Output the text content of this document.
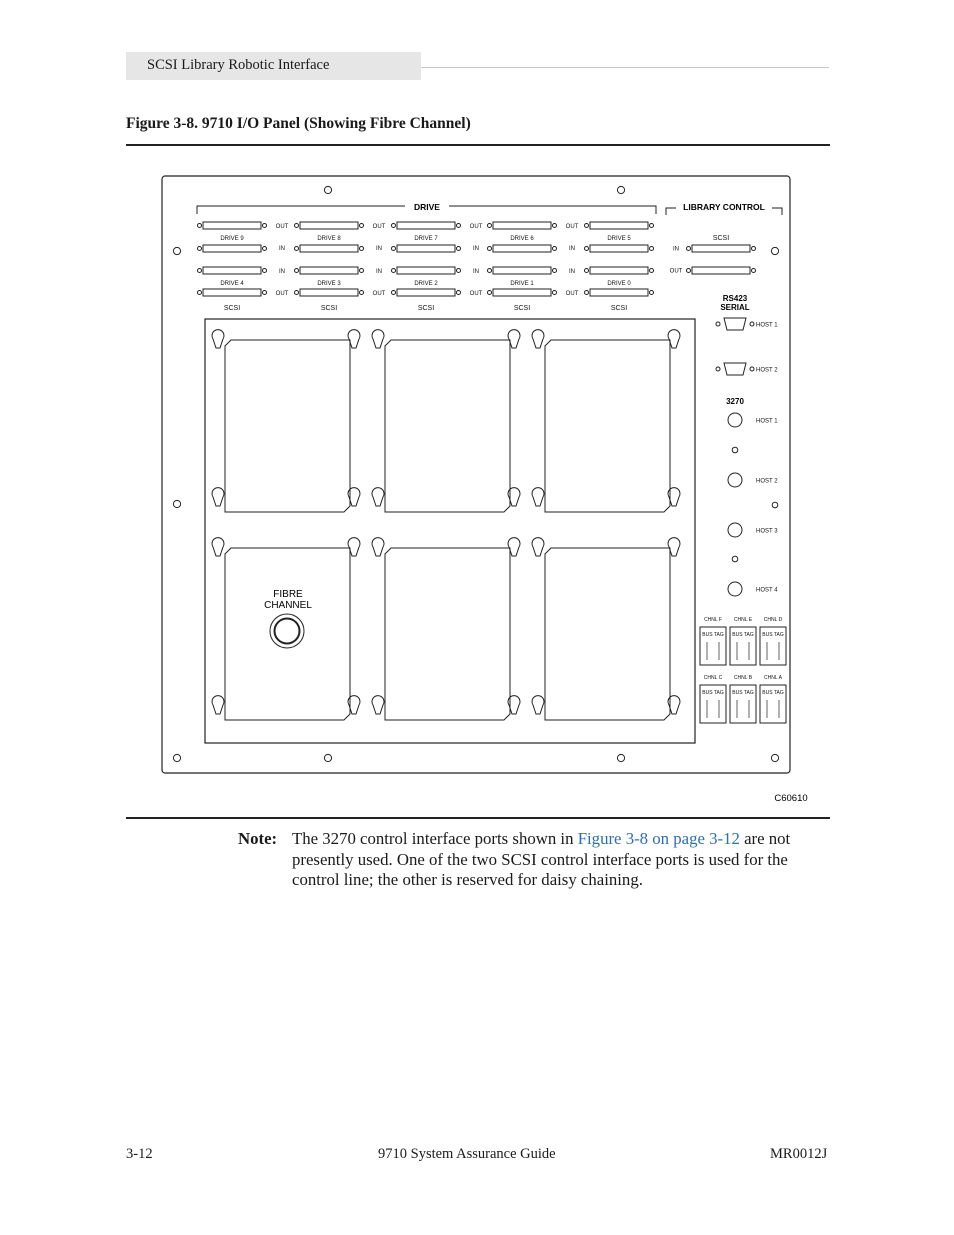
SCSI Library Robotic Interface
Figure 3-8. 9710 I/O Panel (Showing Fibre Channel)
DRIVE 9
DRIVE 4
SCSI
OUT
IN
IN
OUT
DRIVE 8
DRIVE 3
SCSI
OUT
IN
IN
OUT
DRIVE 7
DRIVE 2
SCSI
OUT
IN
IN
OUT
DRIVE 6
DRIVE 1
SCSI
OUT
IN
IN
OUT
DRIVE 5
DRIVE 0
SCSI
IN
OUT
SCSI
HOST 1
HOST 2
HOST 1
HOST 2
HOST 3
HOST 4
CHNL F
BUS TAG
CHNL C
BUS TAG
CHNL E
BUS TAG
CHNL B
BUS TAG
CHNL D
BUS TAG
CHNL A
BUS TAG
DRIVE	LIBRARY CONTROL
RS423
SERIAL
3270
FIBRE
CHANNEL
C60610
Note: The 3270 control interface ports shown in Figure 3-8 on page 3-12 are not presently used. One of the two SCSI control interface ports is used for the control line; the other is reserved for daisy chaining.
3-12	9710 System Assurance Guide	MR0012J
